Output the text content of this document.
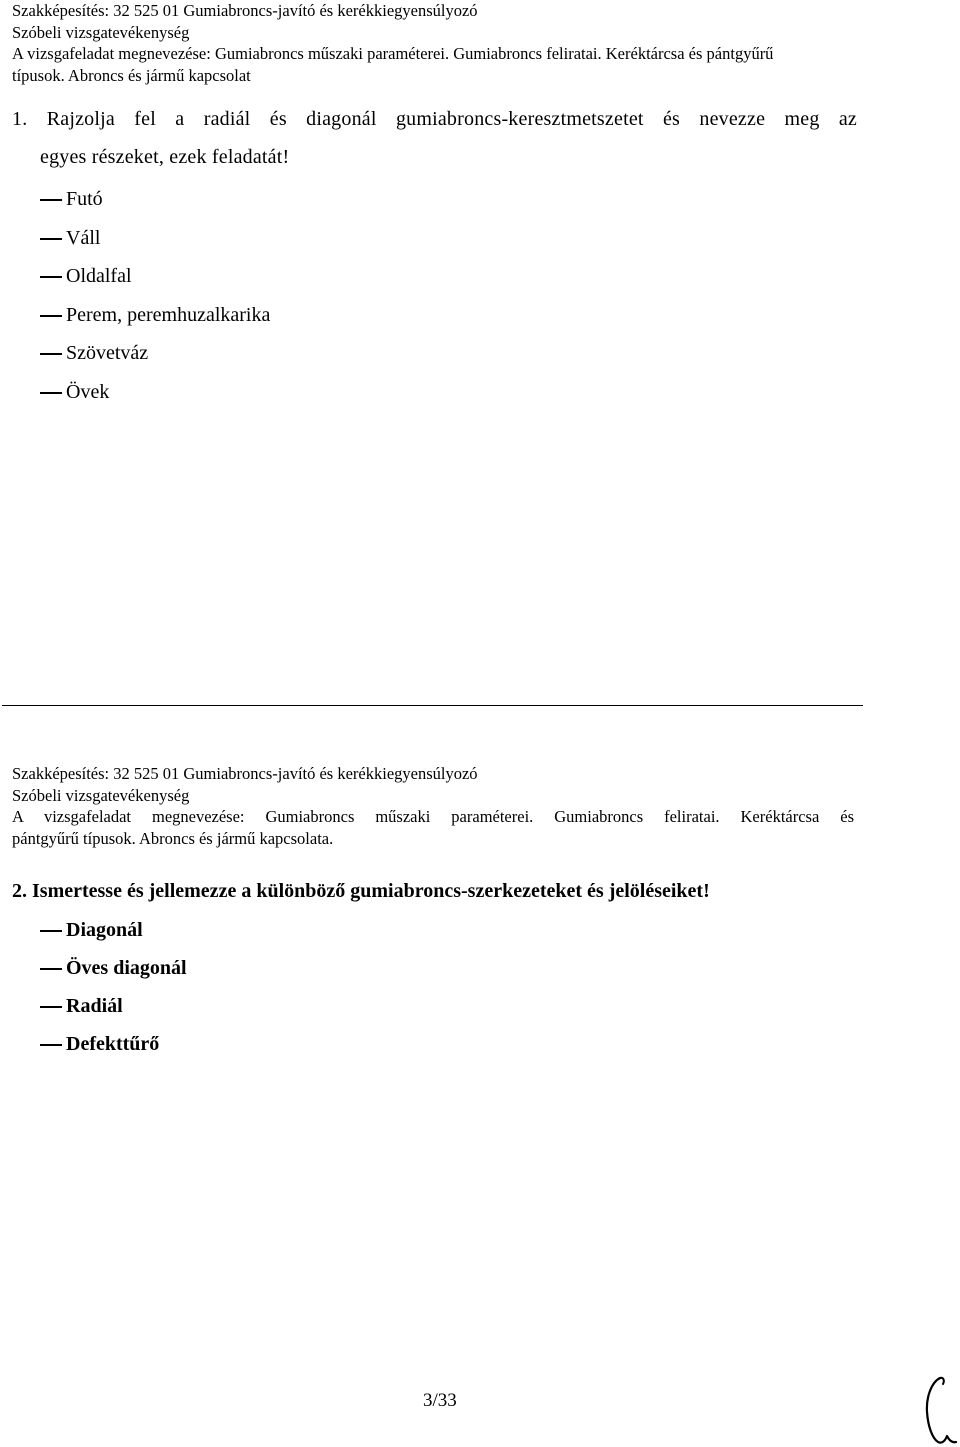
Szakképesítés: 32 525 01 Gumiabroncs-javító és kerékkiegyensúlyozó
Szóbeli vizsgatevékenység
A vizsgafeladat megnevezése: Gumiabroncs műszaki paraméterei. Gumiabroncs feliratai. Keréktárcsa és pántgyűrű
típusok. Abroncs és jármű kapcsolat
1. Rajzolja fel a radiál és diagonál gumiabroncs-keresztmetszetet és nevezze meg az
egyes részeket, ezek feladatát!
Futó
Váll
Oldalfal
Perem, peremhuzalkarika
Szövetváz
Övek
Szakképesítés: 32 525 01 Gumiabroncs-javító és kerékkiegyensúlyozó
Szóbeli vizsgatevékenység
A vizsgafeladat megnevezése: Gumiabroncs műszaki paraméterei. Gumiabroncs feliratai. Keréktárcsa és
pántgyűrű típusok. Abroncs és jármű kapcsolata.
2. Ismertesse és jellemezze a különböző gumiabroncs-szerkezeteket és jelöléseiket!
Diagonál
Öves diagonál
Radiál
Defekttűrő
3/33
